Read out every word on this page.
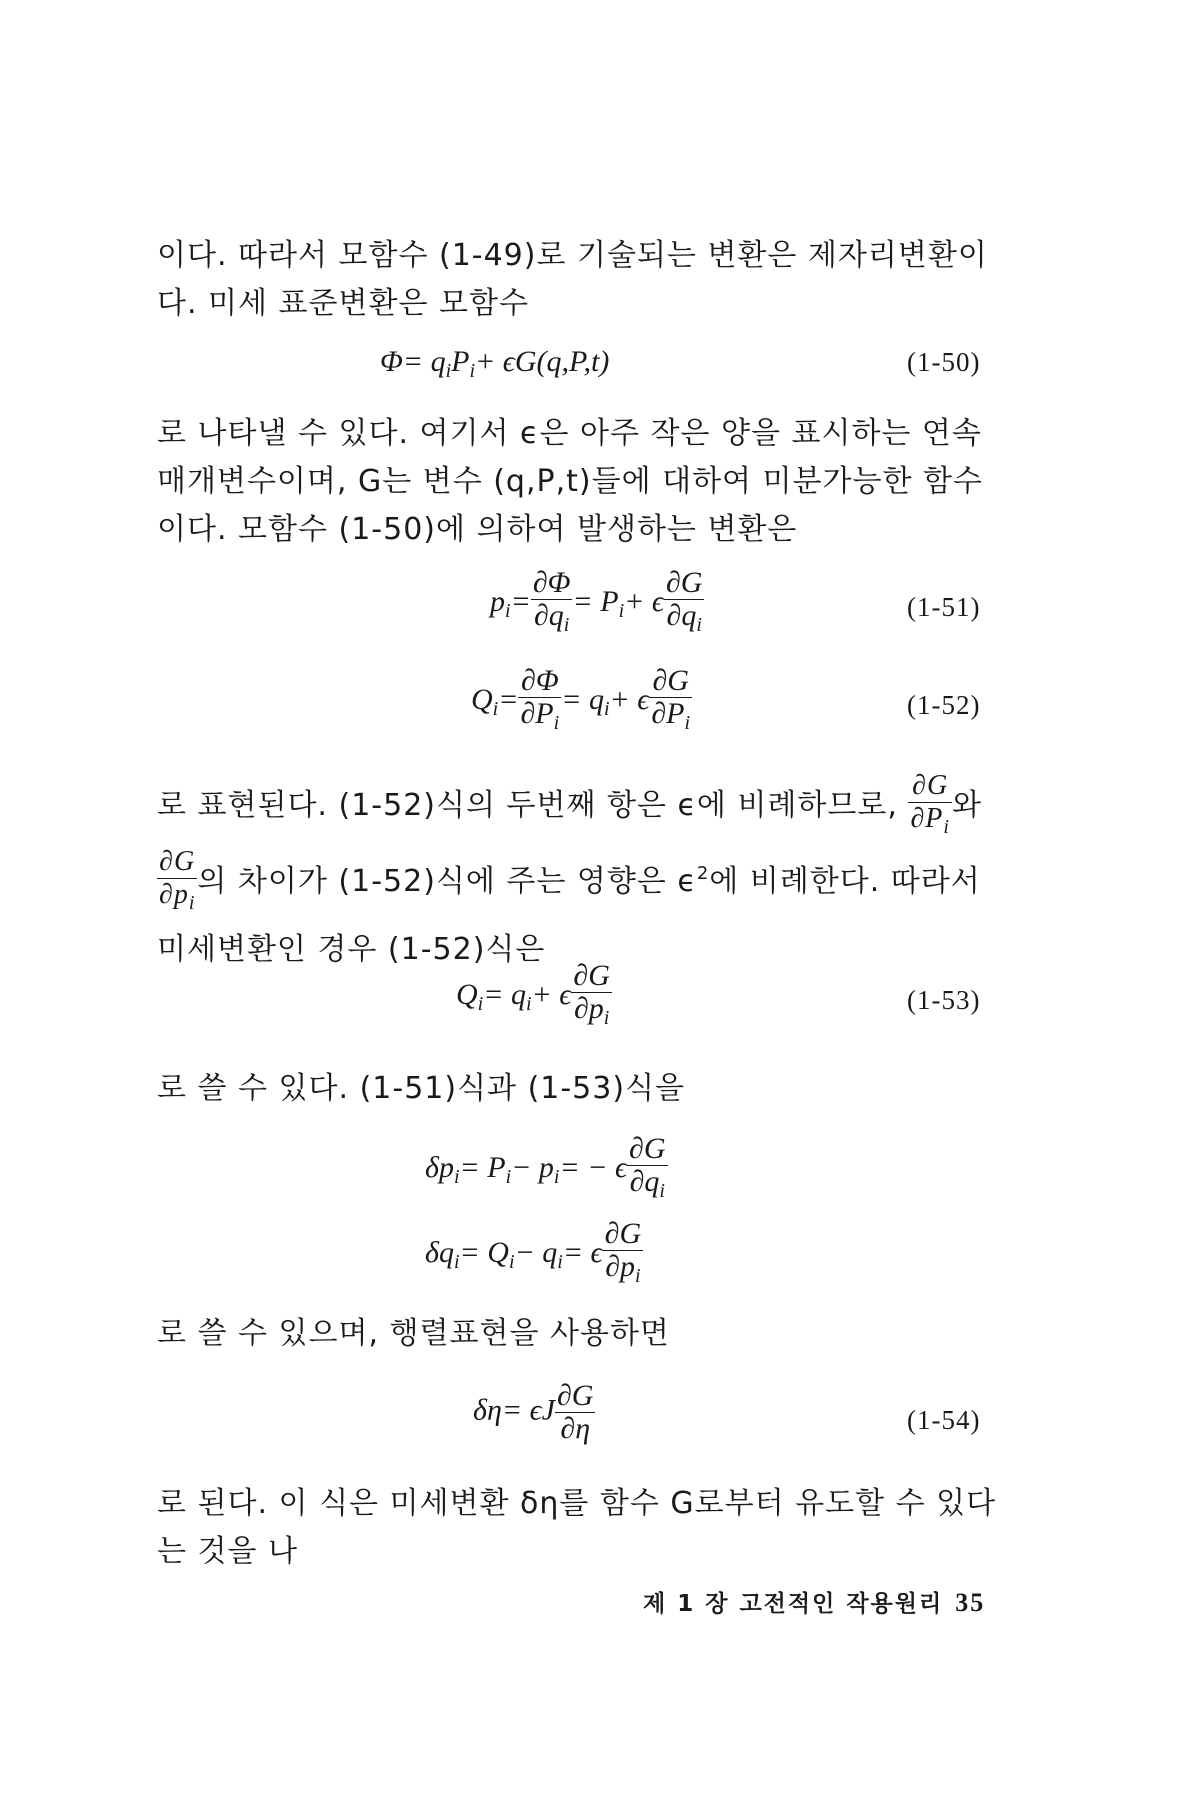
이다. 따라서 모함수 (1-49)로 기술되는 변환은 제자리변환이다. 미세 표준변환은 모함수
$\Phi= q_iP_i+ \epsilon G(q,P,t)$	(1-50)
로 나타낼 수 있다. 여기서 ϵ은 아주 작은 양을 표시하는 연속 매개변수이며, G는 변수 (q,P,t)들에 대하여 미분가능한 함수이다. 모함수 (1-50)에 의하여 발생하는 변환은
$p_i= \frac{\partial\Phi}{\partial q_i} = P_i+ \epsilon \frac{\partial G}{\partial q_i}$	(1-51)
$Q_i= \frac{\partial\Phi}{\partial P_i} = q_i+ \epsilon \frac{\partial G}{\partial P_i}$	(1-52)
로 표현된다. (1-52)식의 두번째 항은 ϵ에 비례하므로, $\frac{\partial G}{\partial P_i}$ 와
$\frac{\partial G}{\partial p_i}$ 의 차이가 (1-52)식에 주는 영향은 $\epsilon^2$에 비례한다. 따라서 미세변환인 경우 (1-52)식은
$Q_i= q_i+ \epsilon \frac{\partial G}{\partial p_i}$	(1-53)
로 쓸 수 있다. (1-51)식과 (1-53)식을
$\delta p_i= P_i- p_i= - \epsilon \frac{\partial G}{\partial q_i}$
$\delta q_i= Q_i- q_i= \epsilon \frac{\partial G}{\partial p_i}$
로 쓸 수 있으며, 행렬표현을 사용하면
δη= ϵJ $\frac{\partial G}{\partial\eta}$	(1-54)
로 된다. 이 식은 미세변환 δη를 함수 G로부터 유도할 수 있다는 것을 나
제 1 장 고전적인 작용원리 35
